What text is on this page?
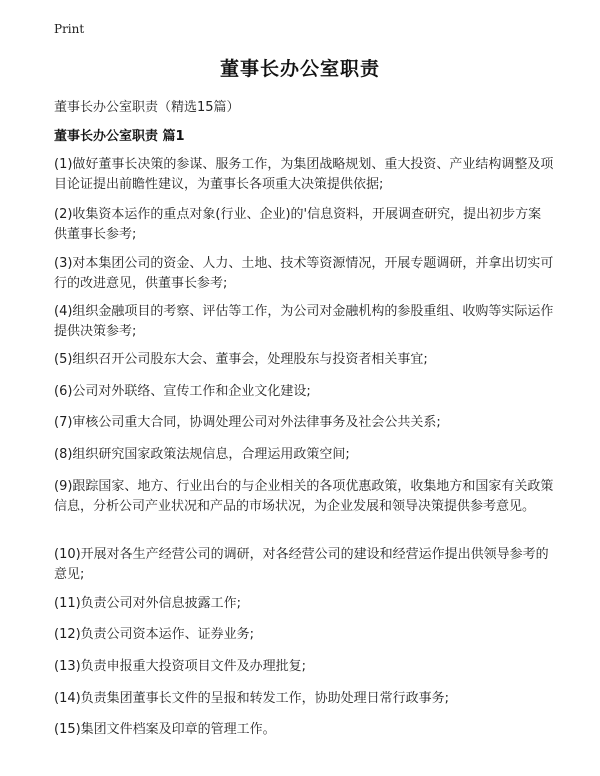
Print
董事长办公室职责
董事长办公室职责（精选15篇）
董事长办公室职责 篇1
(1)做好董事长决策的参谋、服务工作，为集团战略规划、重大投资、产业结构调整及项目论证提出前瞻性建议，为董事长各项重大决策提供依据;
(2)收集资本运作的重点对象(行业、企业)的'信息资料，开展调查研究，提出初步方案供董事长参考;
(3)对本集团公司的资金、人力、土地、技术等资源情况，开展专题调研，并拿出切实可行的改进意见，供董事长参考;
(4)组织金融项目的考察、评估等工作，为公司对金融机构的参股重组、收购等实际运作提供决策参考;
(5)组织召开公司股东大会、董事会，处理股东与投资者相关事宜;
(6)公司对外联络、宣传工作和企业文化建设;
(7)审核公司重大合同，协调处理公司对外法律事务及社会公共关系;
(8)组织研究国家政策法规信息，合理运用政策空间;
(9)跟踪国家、地方、行业出台的与企业相关的各项优惠政策，收集地方和国家有关政策信息，分析公司产业状况和产品的市场状况，为企业发展和领导决策提供参考意见。
(10)开展对各生产经营公司的调研，对各经营公司的建设和经营运作提出供领导参考的意见;
(11)负责公司对外信息披露工作;
(12)负责公司资本运作、证券业务;
(13)负责申报重大投资项目文件及办理批复;
(14)负责集团董事长文件的呈报和转发工作，协助处理日常行政事务;
(15)集团文件档案及印章的管理工作。
